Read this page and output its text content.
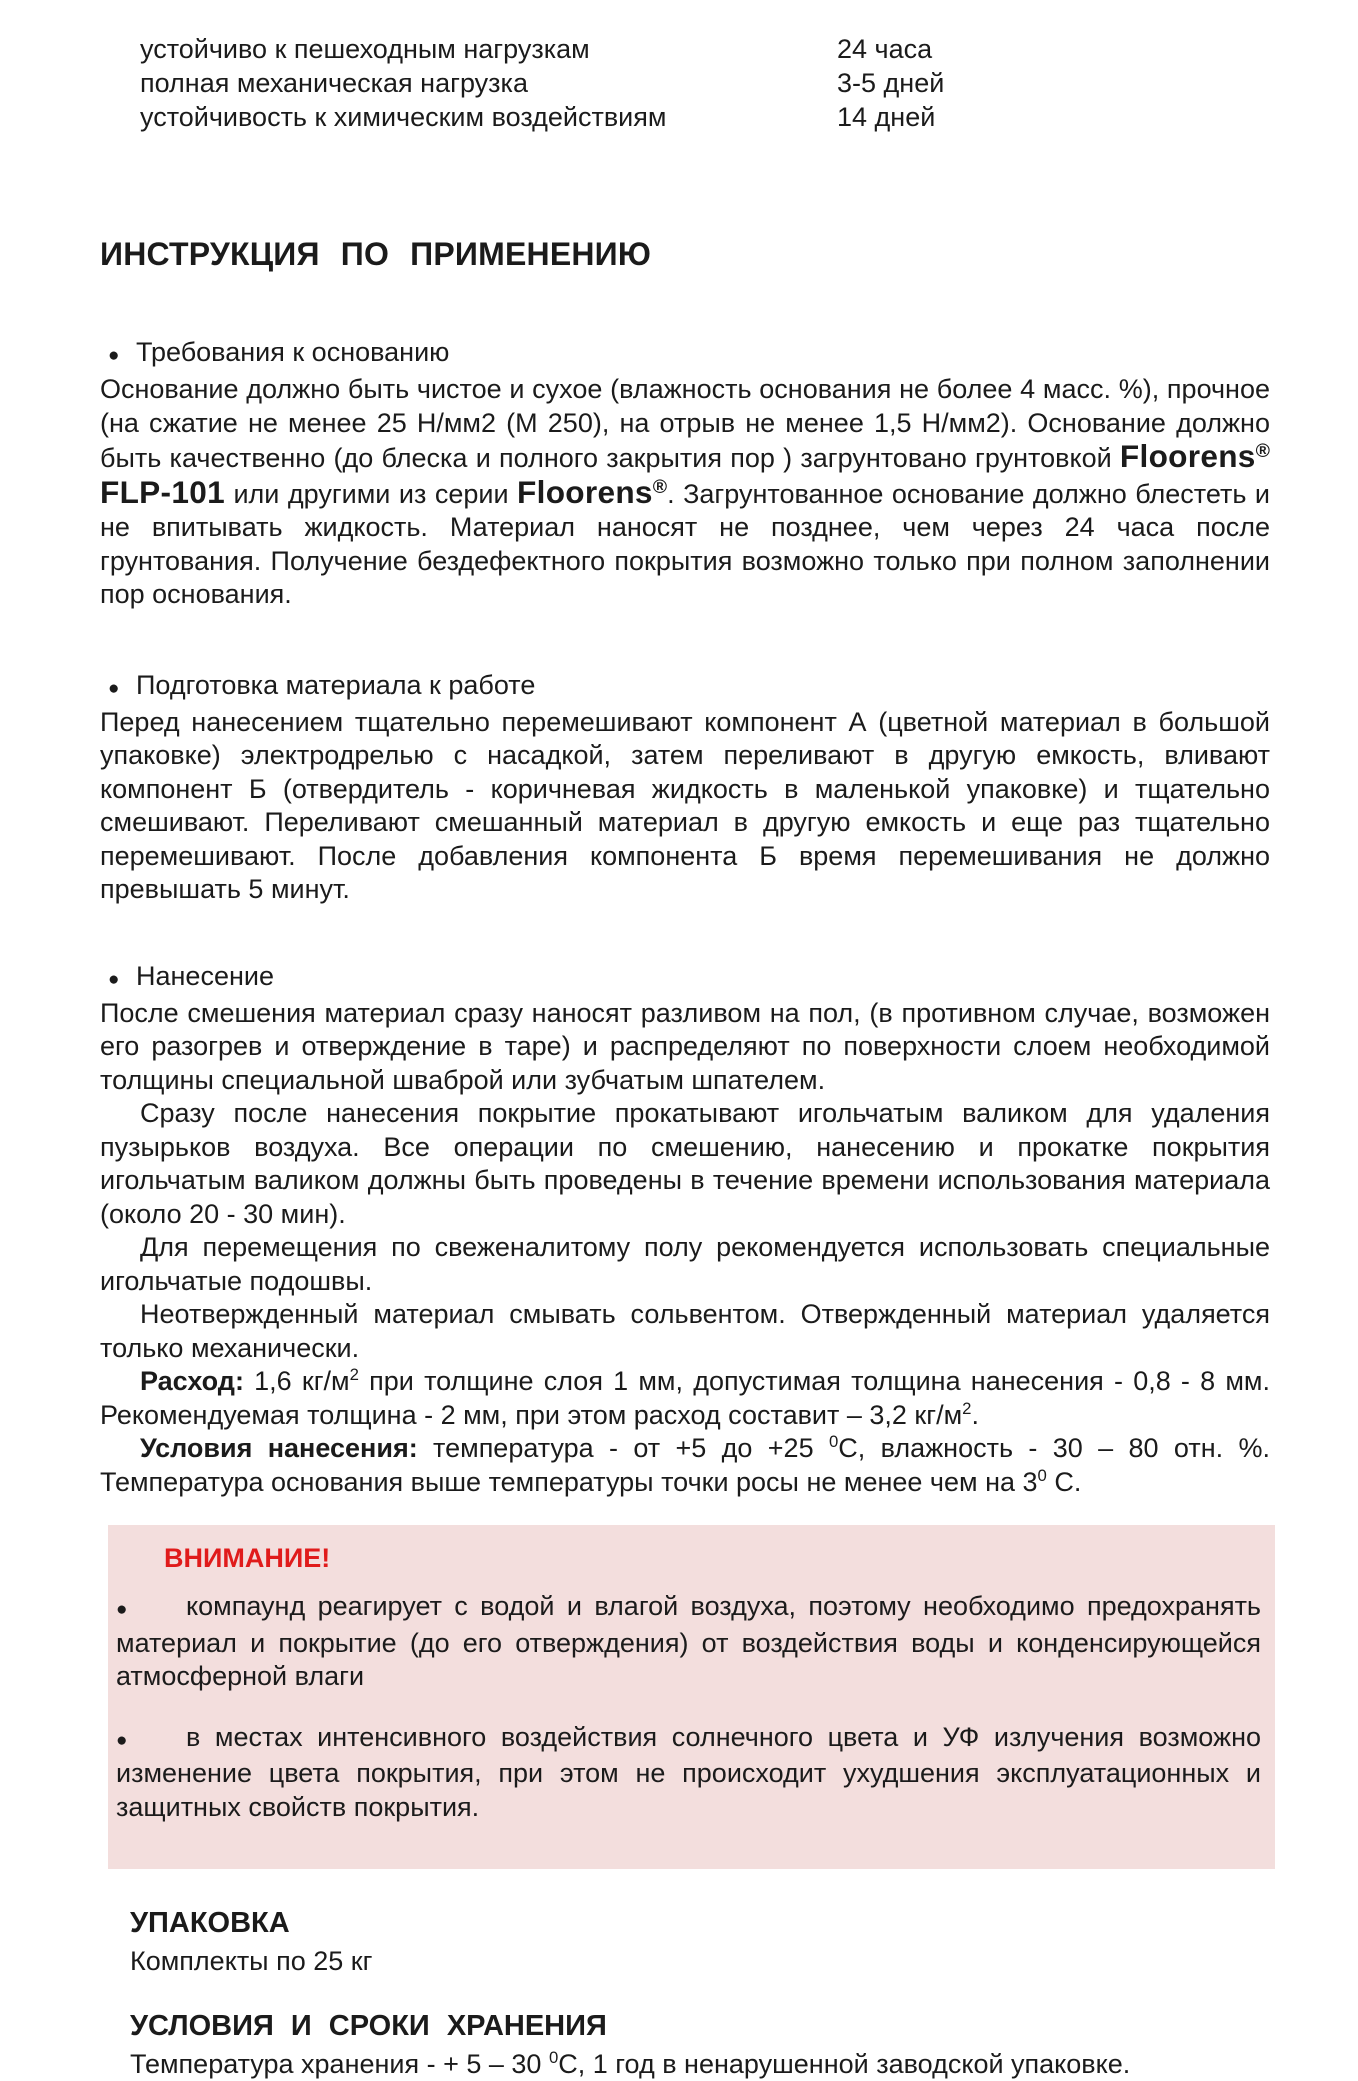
устойчиво к пешеходным нагрузкам	24 часа
полная механическая нагрузка	3-5 дней
устойчивость к химическим воздействиям	14 дней
ИНСТРУКЦИЯ ПО ПРИМЕНЕНИЮ
● Требования к основанию

Основание должно быть чистое и сухое (влажность основания не более 4 масс. %), прочное (на сжатие не менее 25 Н/мм2 (М 250), на отрыв не менее 1,5 Н/мм2). Основание должно быть качественно (до блеска и полного закрытия пор ) загрунтовано грунтовкой Floorens® FLP-101 или другими из серии Floorens®. Загрунтованное основание должно блестеть и не впитывать жидкость. Материал наносят не позднее, чем через 24 часа после грунтования. Получение бездефектного покрытия возможно только при полном заполнении пор основания.

● Подготовка материала к работе

Перед нанесением тщательно перемешивают компонент А (цветной материал в большой упаковке) электродрелью с насадкой, затем переливают в другую емкость, вливают компонент Б (отвердитель - коричневая жидкость в маленькой упаковке) и тщательно смешивают. Переливают смешанный материал в другую емкость и еще раз тщательно перемешивают. После добавления компонента Б время перемешивания не должно превышать 5 минут.

● Нанесение

После смешения материал сразу наносят разливом на пол, (в противном случае, возможен его разогрев и отверждение в таре) и распределяют по поверхности слоем необходимой толщины специальной шваброй или зубчатым шпателем.

Сразу после нанесения покрытие прокатывают игольчатым валиком для удаления пузырьков воздуха. Все операции по смешению, нанесению и прокатке покрытия игольчатым валиком должны быть проведены в течение времени использования материала (около 20 - 30 мин).

Для перемещения по свеженалитому полу рекомендуется использовать специальные игольчатые подошвы.

Неотвержденный материал смывать сольвентом. Отвержденный материал удаляется только механически.

Расход: 1,6 $кг/м^2$ при толщине слоя 1 мм, допустимая толщина нанесения - 0,8 - 8 мм. Рекомендуемая толщина - 2 мм, при этом расход составит – 3,2 $кг/м^2$.

Условия нанесения: температура - от +5 до +25 $^0$С, влажность - 30 – 80 отн. %. Температура основания выше температуры точки росы не менее чем на $3^0$ С.

ВНИМАНИЕ!

● компаунд реагирует с водой и влагой воздуха, поэтому необходимо предохранять материал и покрытие (до его отверждения) от воздействия воды и конденсирующейся атмосферной влаги

● в местах интенсивного воздействия солнечного цвета и УФ излучения возможно изменение цвета покрытия, при этом не происходит ухудшения эксплуатационных и защитных свойств покрытия.

УПАКОВКА
Комплекты по 25 кг
УСЛОВИЯ И СРОКИ ХРАНЕНИЯ
Температура хранения - + 5 – 30 $^0$С, 1 год в ненарушенной заводской упаковке.
